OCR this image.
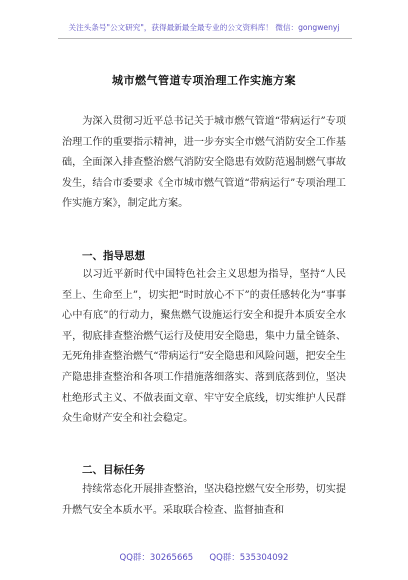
关注头条号"公文研究"，获得最新最全最专业的公文资料库！ 微信：gongwenyj
城市燃气管道专项治理工作实施方案

为深入贯彻习近平总书记关于城市燃气管道“带病运行”专项治理工作的重要指示精神，进一步夯实全市燃气消防安全工作基础，全面深入排查整治燃气消防安全隐患有效防范遏制燃气事故发生，结合市委要求《全市城市燃气管道“带病运行”专项治理工作实施方案》，制定此方案。

一、指导思想

以习近平新时代中国特色社会主义思想为指导，坚持“人民至上、生命至上”，切实把“时时放心不下”的责任感转化为“事事心中有底”的行动力，聚焦燃气设施运行安全和提升本质安全水平，彻底排查整治燃气运行及使用安全隐患，集中力量全链条、无死角排查整治燃气“带病运行”安全隐患和风险问题，把安全生产隐患排查整治和各项工作措施落细落实、落到底落到位，坚决杜绝形式主义、不做表面文章、牢守安全底线，切实维护人民群众生命财产安全和社会稳定。

二、目标任务

持续常态化开展排查整治，坚决稳控燃气安全形势，切实提升燃气安全本质水平。采取联合检查、监督抽查和

QQ群：30265665      QQ群：535304092
